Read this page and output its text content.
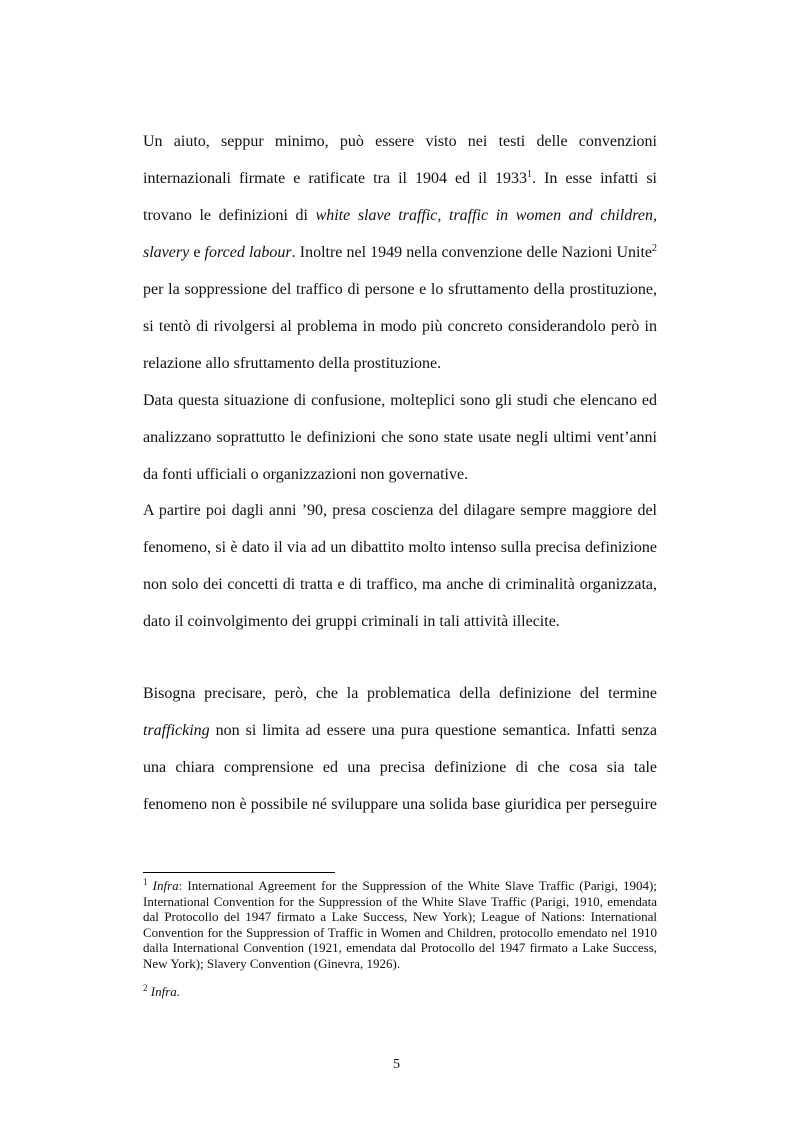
Un aiuto, seppur minimo, può essere visto nei testi delle convenzioni
internazionali firmate e ratificate tra il 1904 ed il 1933$^1$. In esse infatti si
trovano le definizioni di white slave traffic, traffic in women and children,
slavery e forced labour. Inoltre nel 1949 nella convenzione delle Nazioni Unite$^2$
per la soppressione del traffico di persone e lo sfruttamento della prostituzione,
si tentò di rivolgersi al problema in modo più concreto considerandolo però in
relazione allo sfruttamento della prostituzione.
Data questa situazione di confusione, molteplici sono gli studi che elencano ed
analizzano soprattutto le definizioni che sono state usate negli ultimi vent’anni
da fonti ufficiali o organizzazioni non governative.
A partire poi dagli anni ’90, presa coscienza del dilagare sempre maggiore del
fenomeno, si è dato il via ad un dibattito molto intenso sulla precisa definizione
non solo dei concetti di tratta e di traffico, ma anche di criminalità organizzata,
dato il coinvolgimento dei gruppi criminali in tali attività illecite.
Bisogna precisare, però, che la problematica della definizione del termine
trafficking non si limita ad essere una pura questione semantica. Infatti senza
una chiara comprensione ed una precisa definizione di che cosa sia tale
fenomeno non è possibile né sviluppare una solida base giuridica per perseguire
$^1$ Infra: International Agreement for the Suppression of the White Slave Traffic (Parigi, 1904); International Convention for the Suppression of the White Slave Traffic (Parigi, 1910, emendata dal Protocollo del 1947 firmato a Lake Success, New York); League of Nations: International Convention for the Suppression of Traffic in Women and Children, protocollo emendato nel 1910 dalla International Convention (1921, emendata dal Protocollo del 1947 firmato a Lake Success, New York); Slavery Convention (Ginevra, 1926).
$^2$ Infra.
5
